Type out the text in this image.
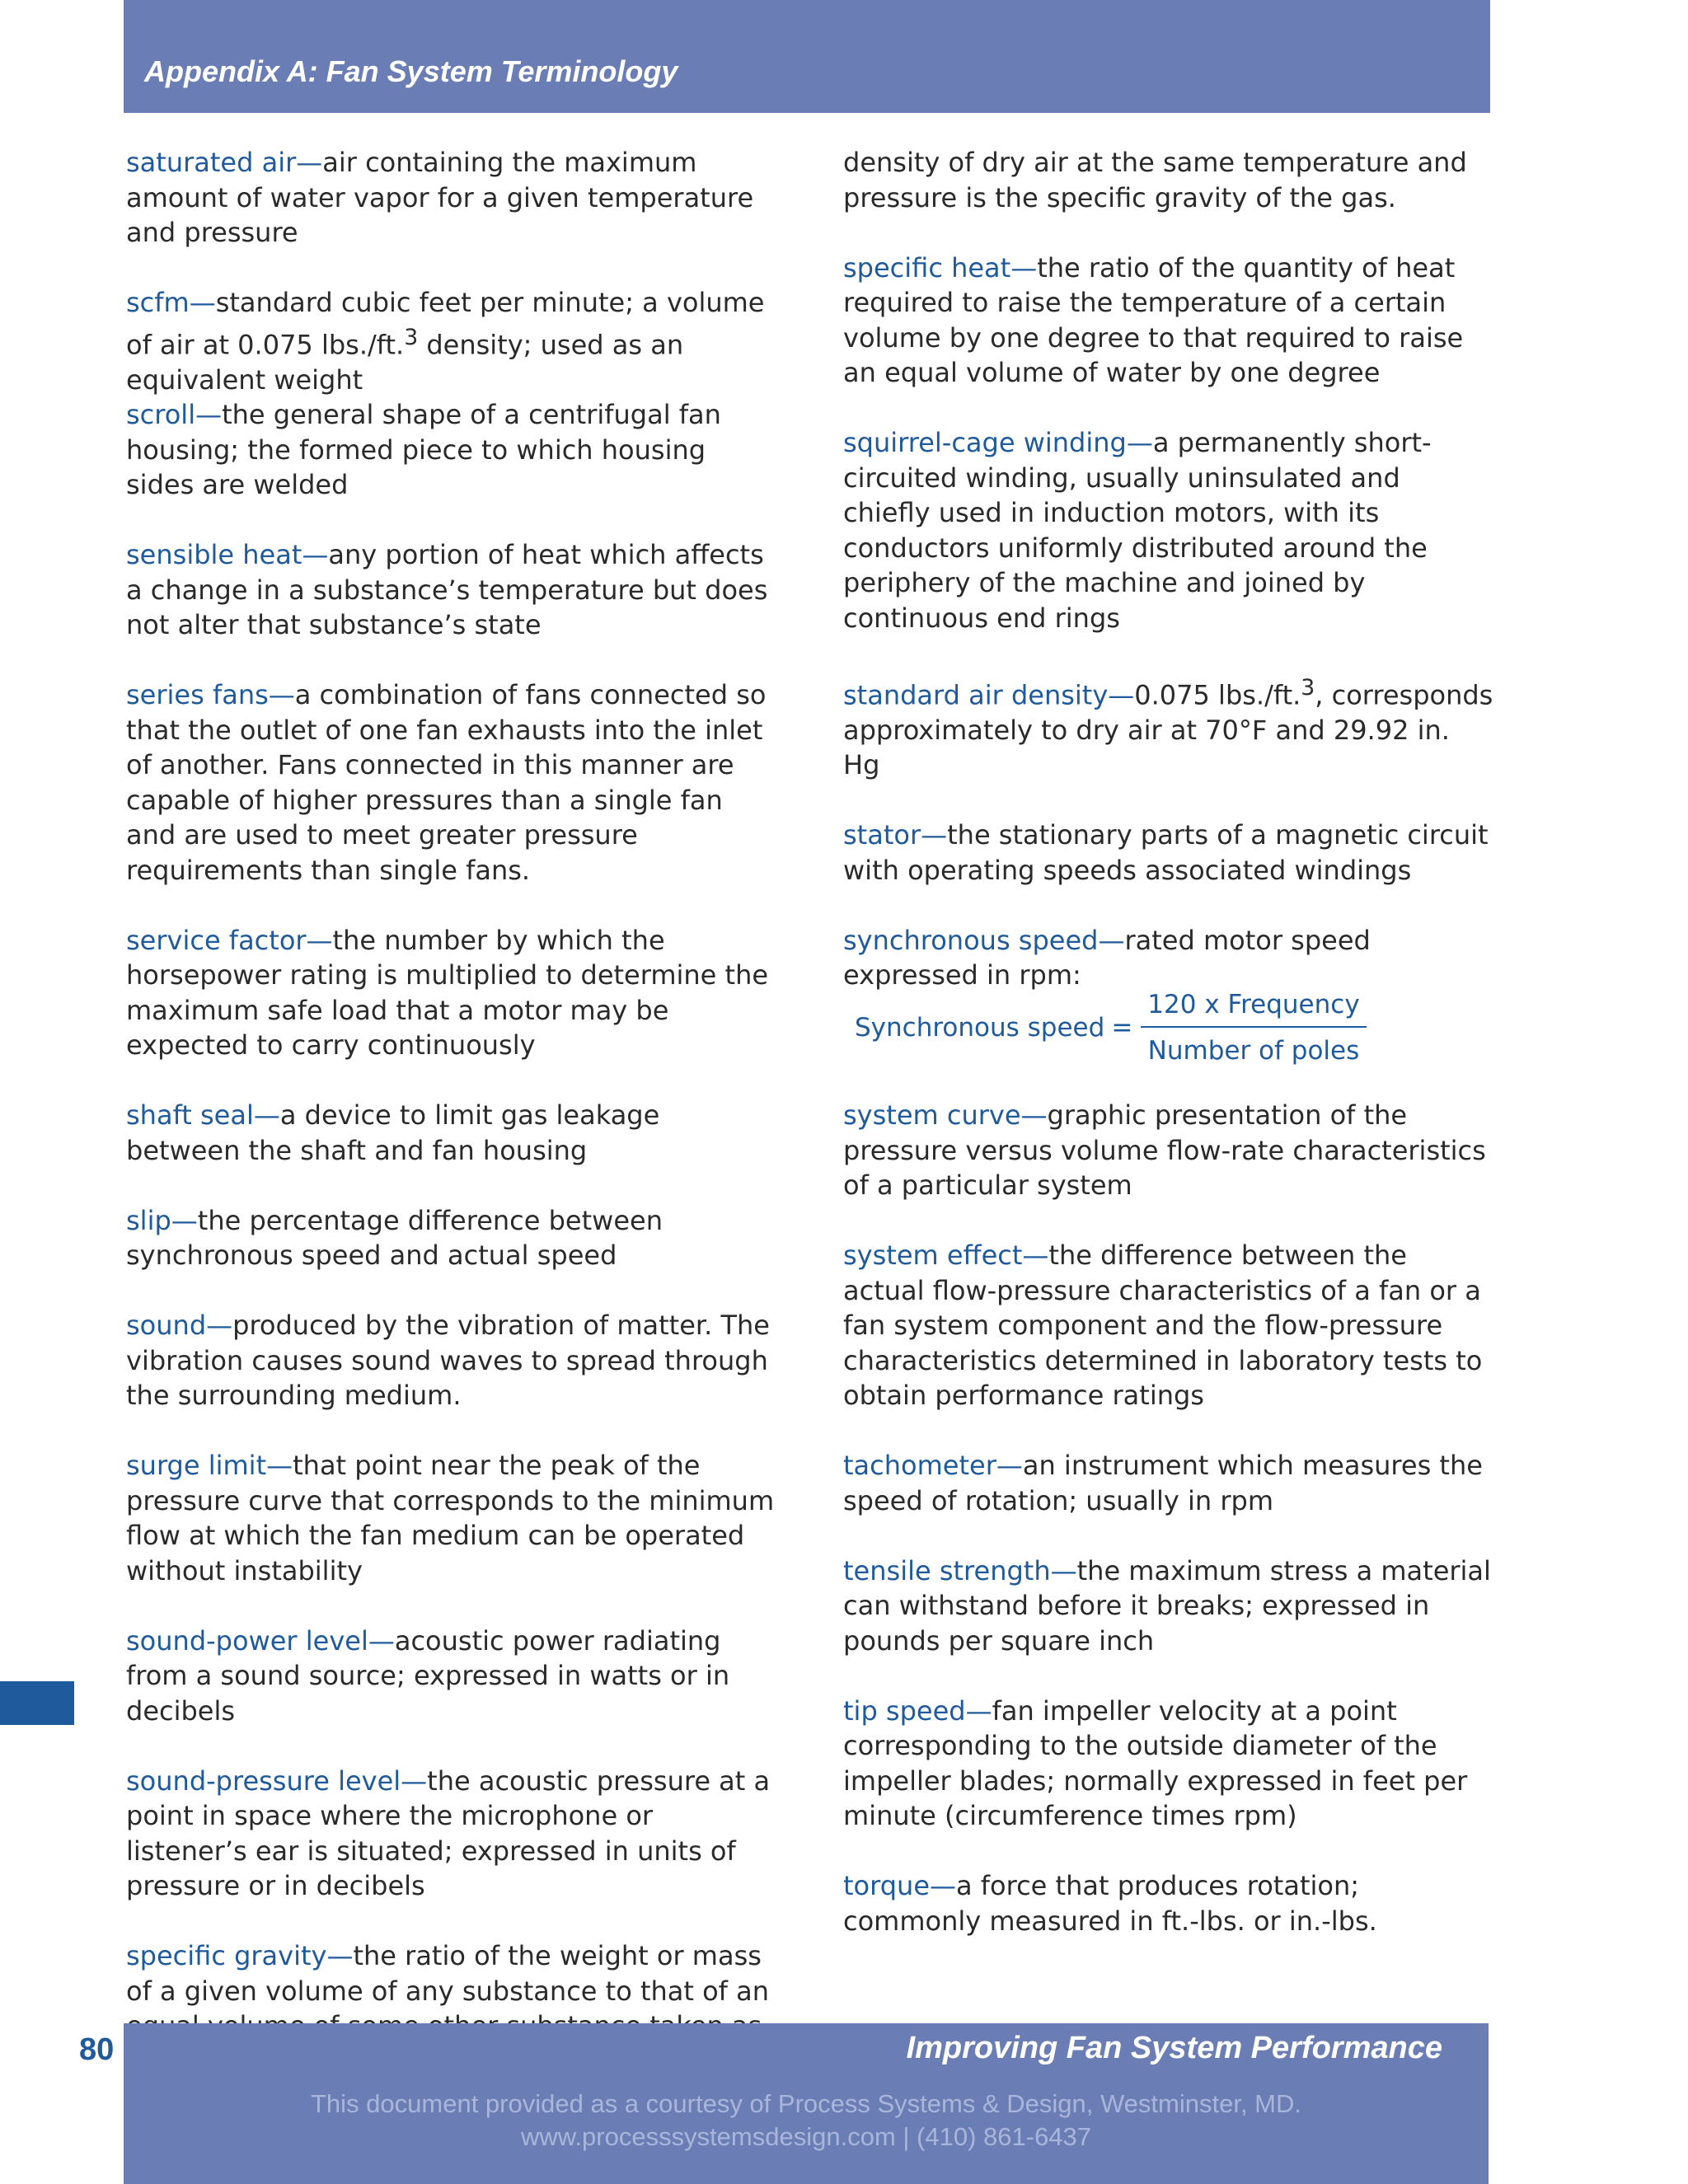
Appendix A: Fan System Terminology

saturated air—air containing the maximum amount of water vapor for a given temperature and pressure

scfm—standard cubic feet per minute; a volume of air at 0.075 lbs./ft.$^3$ density; used as an equivalent weight

scroll—the general shape of a centrifugal fan housing; the formed piece to which housing sides are welded

sensible heat—any portion of heat which affects a change in a substance’s temperature but does not alter that substance’s state

series fans—a combination of fans connected so that the outlet of one fan exhausts into the inlet of another. Fans connected in this manner are capable of higher pressures than a single fan and are used to meet greater pressure requirements than single fans.

service factor—the number by which the horsepower rating is multiplied to determine the maximum safe load that a motor may be expected to carry continuously

shaft seal—a device to limit gas leakage between the shaft and fan housing

slip—the percentage difference between synchronous speed and actual speed

sound—produced by the vibration of matter. The vibration causes sound waves to spread through the surrounding medium.

surge limit—that point near the peak of the pressure curve that corresponds to the minimum flow at which the fan medium can be operated without instability

sound-power level—acoustic power radiating from a sound source; expressed in watts or in decibels

sound-pressure level—the acoustic pressure at a point in space where the microphone or listener’s ear is situated; expressed in units of pressure or in decibels

specific gravity—the ratio of the weight or mass of a given volume of any substance to that of an

density of dry air at the same temperature and pressure is the specific gravity of the gas.

specific heat—the ratio of the quantity of heat required to raise the temperature of a certain volume by one degree to that required to raise an equal volume of water by one degree

squirrel-cage winding—a permanently short-circuited winding, usually uninsulated and chiefly used in induction motors, with its conductors uniformly distributed around the periphery of the machine and joined by continuous end rings

standard air density—0.075 lbs./ft.$^3$, corresponds approximately to dry air at 70°F and 29.92 in. Hg

stator—the stationary parts of a magnetic circuit with operating speeds associated windings

synchronous speed—rated motor speed expressed in rpm:

Synchronous speed = $\frac{\text{120 x Frequency}}{\text{Number of poles}}$

system curve—graphic presentation of the pressure versus volume flow-rate characteristics of a particular system

system effect—the difference between the actual flow-pressure characteristics of a fan or a fan system component and the flow-pressure characteristics determined in laboratory tests to obtain performance ratings

tachometer—an instrument which measures the speed of rotation; usually in rpm

tensile strength—the maximum stress a material can withstand before it breaks; expressed in pounds per square inch

tip speed—fan impeller velocity at a point corresponding to the outside diameter of the impeller blades; normally expressed in feet per minute (circumference times rpm)

torque—a force that produces rotation; commonly measured in ft.-lbs. or in.-lbs.

80	Improving Fan System Performance
This document provided as a courtesy of Process Systems & Design, Westminster, MD.
www.processsystemsdesign.com | (410) 861-6437
